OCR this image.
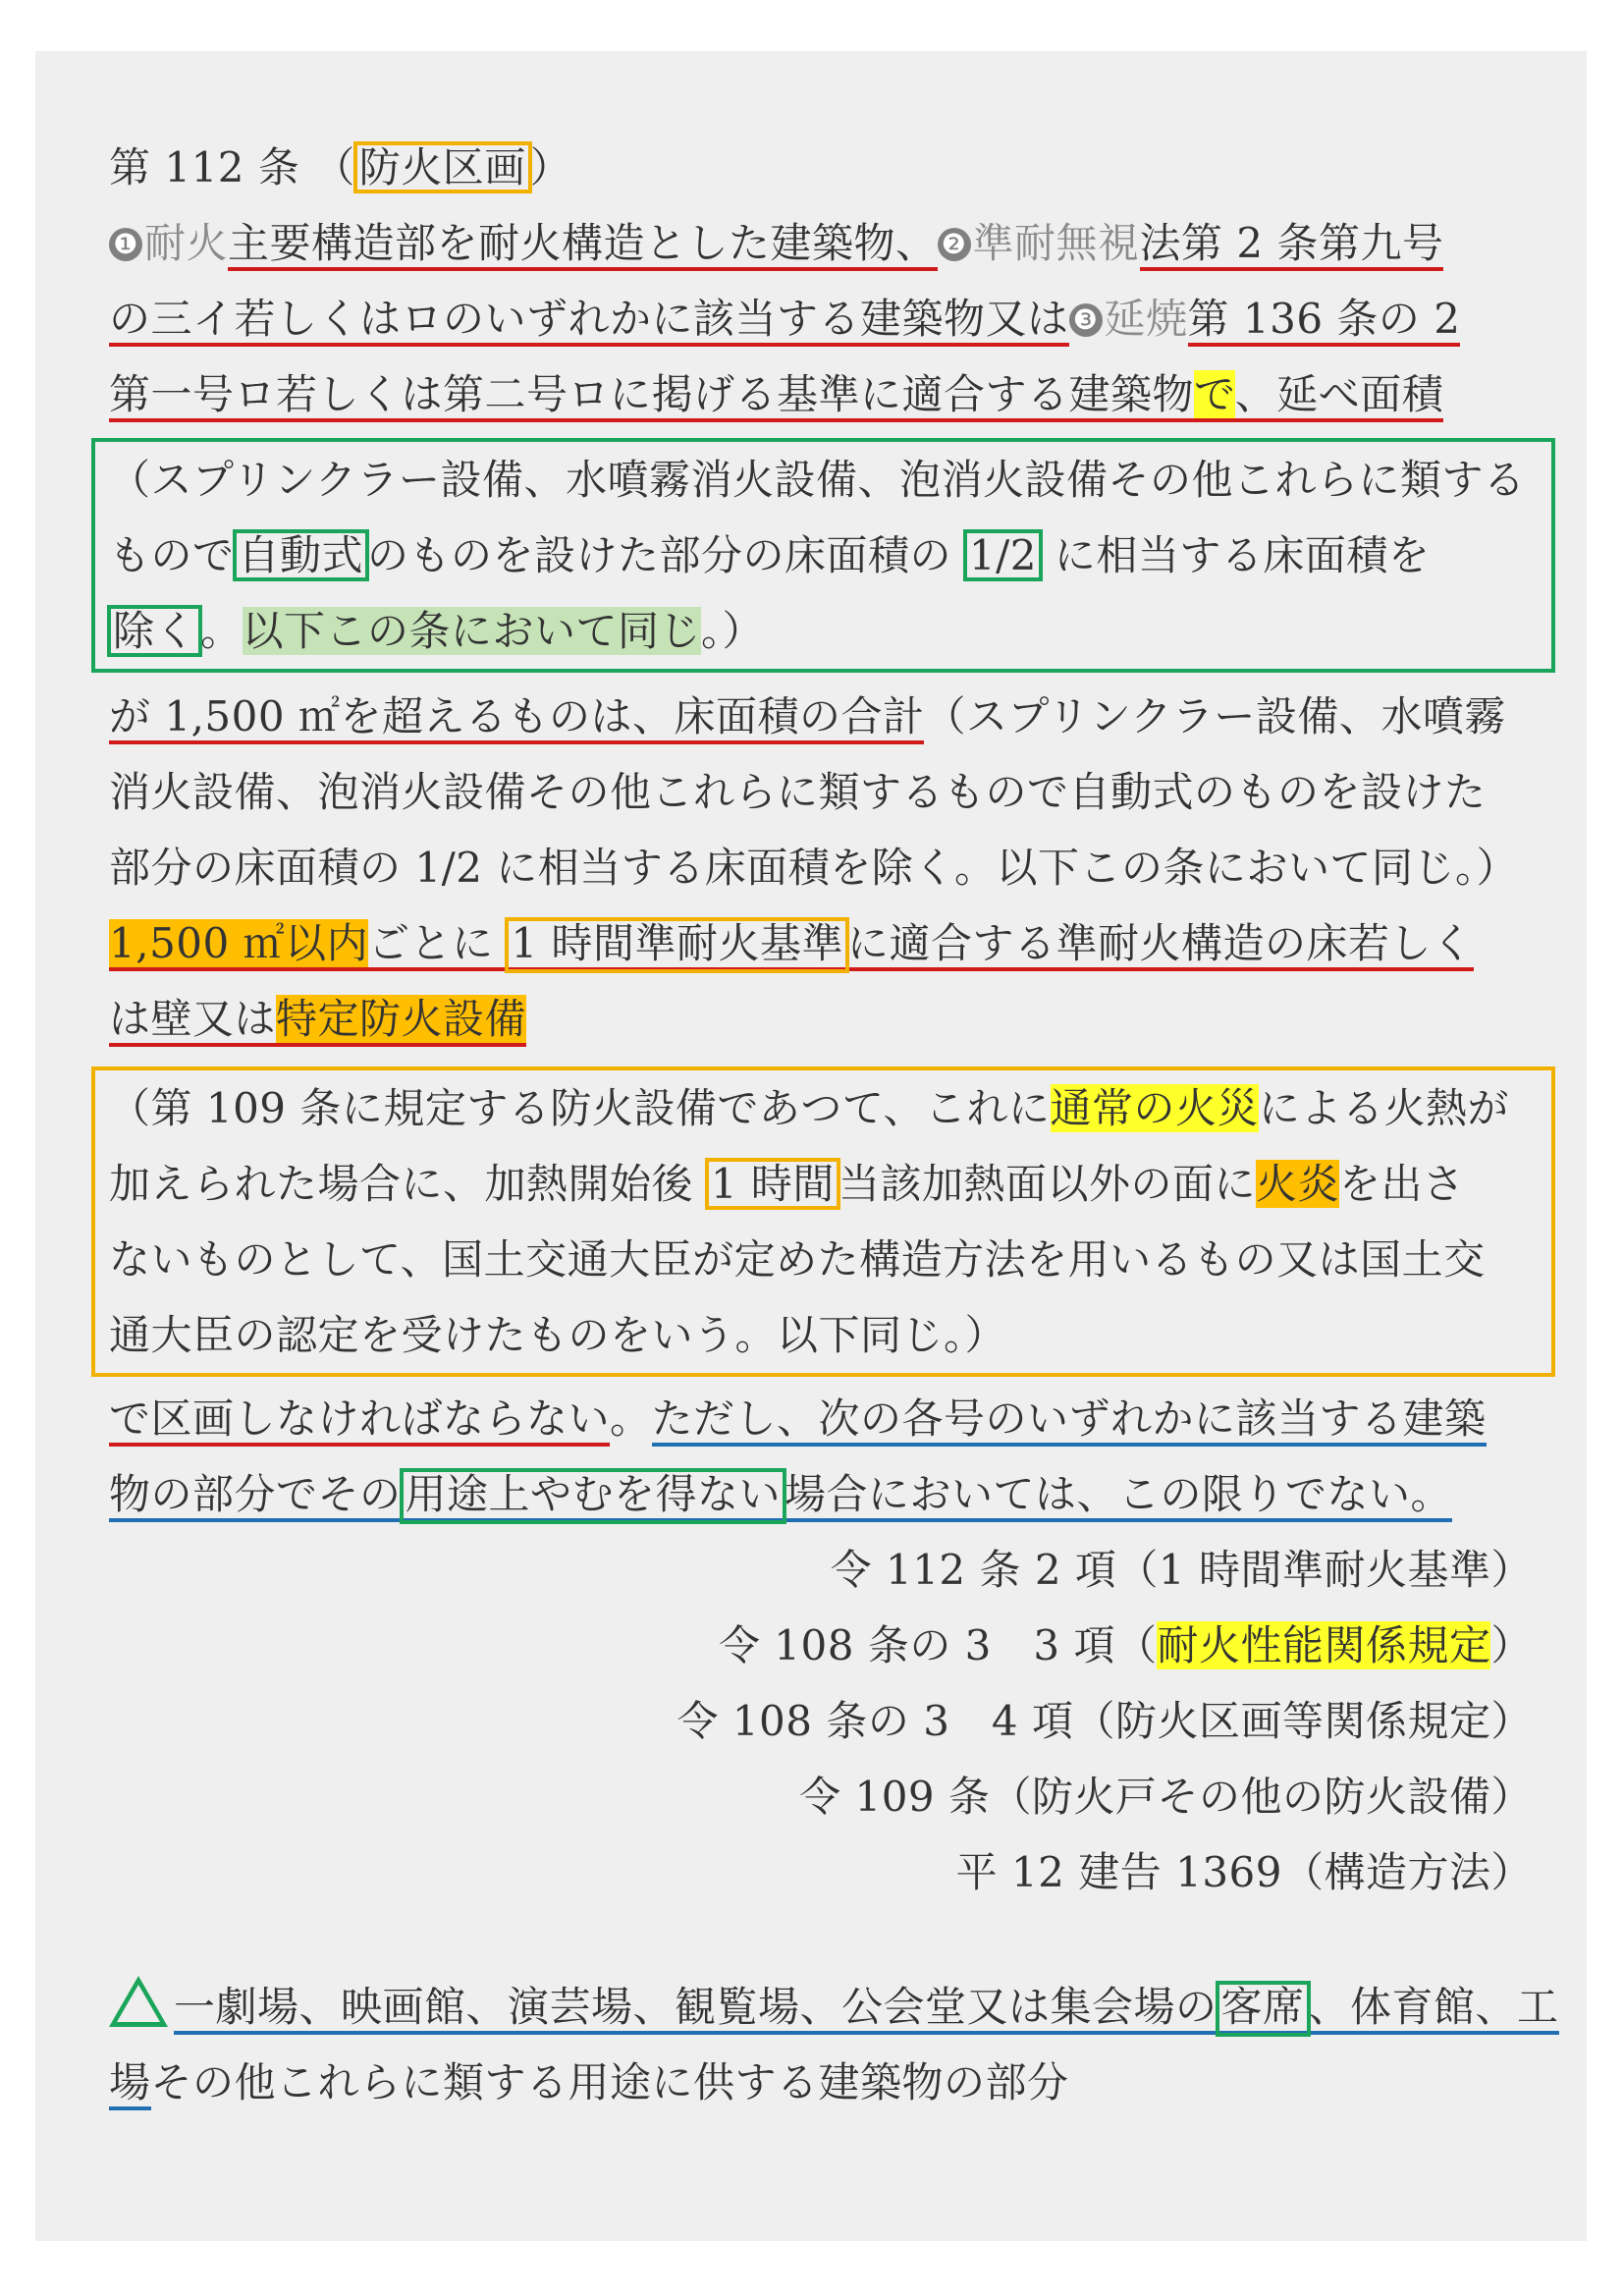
第 112 条 （防火区画）
❶ 耐火主要構造部を耐火構造とした建築物、 ❷ 準耐無視法第 2 条第九号
の三イ若しくはロのいずれかに該当する建築物又は ❸ 延焼第 136 条の 2
第一号ロ若しくは第二号ロに掲げる基準に適合する建築物で、延べ面積
（スプリンクラー設備、水噴霧消火設備、泡消火設備その他これらに類する
もので自動式のものを設けた部分の床面積の 1/2 に相当する床面積を
除く。以下この条において同じ。）
が 1,500 ㎡を超えるものは、床面積の合計（スプリンクラー設備、水噴霧
消火設備、泡消火設備その他これらに類するもので自動式のものを設けた
部分の床面積の 1/2 に相当する床面積を除く。以下この条において同じ。）
1,500 ㎡以内ごとに 1 時間準耐火基準に適合する準耐火構造の床若しく
は壁又は特定防火設備
（第 109 条に規定する防火設備であつて、これに通常の火災による火熱が
加えられた場合に、加熱開始後 1 時間当該加熱面以外の面に火炎を出さ
ないものとして、国土交通大臣が定めた構造方法を用いるもの又は国土交
通大臣の認定を受けたものをいう。以下同じ。）
で区画しなければならない。ただし、次の各号のいずれかに該当する建築
物の部分でその用途上やむを得ない場合においては、この限りでない。
令 112 条 2 項（1 時間準耐火基準）
令 108 条の 3　3 項（耐火性能関係規定）
令 108 条の 3　4 項（防火区画等関係規定）
令 109 条（防火戸その他の防火設備）
平 12 建告 1369（構造方法）
一劇場、映画館、演芸場、観覧場、公会堂又は集会場の客席、体育館、工
場その他これらに類する用途に供する建築物の部分
